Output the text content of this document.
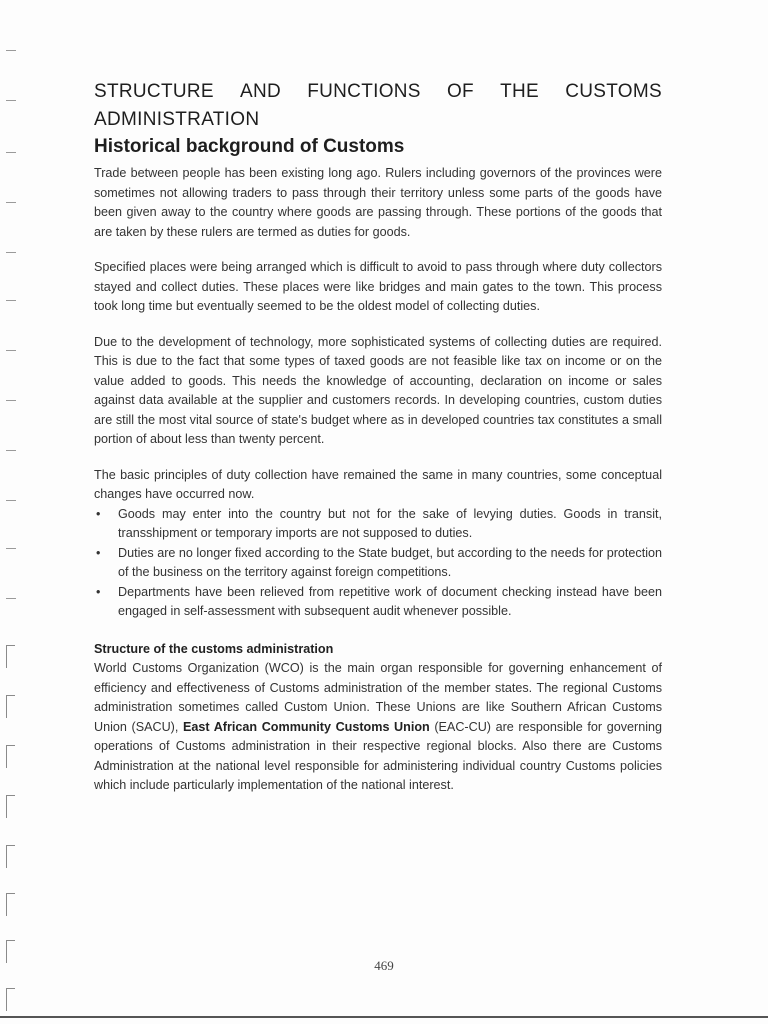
STRUCTURE AND FUNCTIONS OF THE CUSTOMS
ADMINISTRATION
Historical background of Customs

Trade between people has been existing long ago. Rulers including governors of the provinces were sometimes not allowing traders to pass through their territory unless some parts of the goods have been given away to the country where goods are passing through. These portions of the goods that are taken by these rulers are termed as duties for goods.

Specified places were being arranged which is difficult to avoid to pass through where duty collectors stayed and collect duties. These places were like bridges and main gates to the town. This process took long time but eventually seemed to be the oldest model of collecting duties.

Due to the development of technology, more sophisticated systems of collecting duties are required. This is due to the fact that some types of taxed goods are not feasible like tax on income or on the value added to goods. This needs the knowledge of accounting, declaration on income or sales against data available at the supplier and customers records. In developing countries, custom duties are still the most vital source of state's budget where as in developed countries tax constitutes a small portion of about less than twenty percent.

The basic principles of duty collection have remained the same in many countries, some conceptual changes have occurred now.

• Goods may enter into the country but not for the sake of levying duties. Goods in transit, transshipment or temporary imports are not supposed to duties.
• Duties are no longer fixed according to the State budget, but according to the needs for protection of the business on the territory against foreign competitions.
• Departments have been relieved from repetitive work of document checking instead have been engaged in self-assessment with subsequent audit whenever possible.
Structure of the customs administration

World Customs Organization (WCO) is the main organ responsible for governing enhancement of efficiency and effectiveness of Customs administration of the member states. The regional Customs administration sometimes called Custom Union. These Unions are like Southern African Customs Union (SACU), East African Community Customs Union (EAC-CU) are responsible for governing operations of Customs administration in their respective regional blocks. Also there are Customs Administration at the national level responsible for administering individual country Customs policies which include particularly implementation of the national interest.

469
